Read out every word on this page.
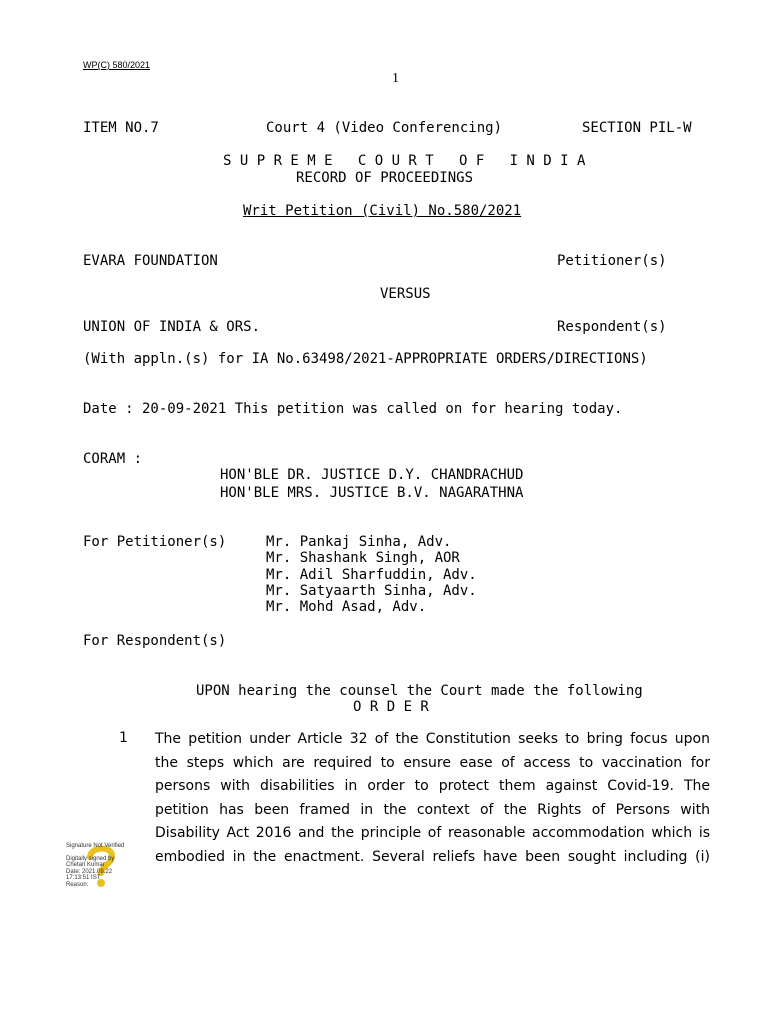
WP(C) 580/2021
1
ITEM NO.7	Court 4 (Video Conferencing)	SECTION PIL-W
S U P R E M E   C O U R T   O F   I N D I A
RECORD OF PROCEEDINGS
Writ Petition (Civil) No.580/2021
EVARA FOUNDATION	Petitioner(s)
VERSUS
UNION OF INDIA & ORS.	Respondent(s)
(With appln.(s) for IA No.63498/2021-APPROPRIATE ORDERS/DIRECTIONS)
Date : 20-09-2021 This petition was called on for hearing today.
CORAM :
HON'BLE DR. JUSTICE D.Y. CHANDRACHUD
HON'BLE MRS. JUSTICE B.V. NAGARATHNA
For Petitioner(s)	Mr. Pankaj Sinha, Adv.
Mr. Shashank Singh, AOR
Mr. Adil Sharfuddin, Adv.
Mr. Satyaarth Sinha, Adv.
Mr. Mohd Asad, Adv.
For Respondent(s)
UPON hearing the counsel the Court made the following
O R D E R
1 The petition under Article 32 of the Constitution seeks to bring focus upon
the steps which are required to ensure ease of access to vaccination for
persons with disabilities in order to protect them against Covid-19. The
petition has been framed in the context of the Rights of Persons with
Disability Act 2016 and the principle of reasonable accommodation which is
embodied in the enactment. Several reliefs have been sought including (i)
Signature Not Verified
Digitally signed by
Chetan Kumar
Date: 2021.09.22
17:13:51 IST
Reason:
